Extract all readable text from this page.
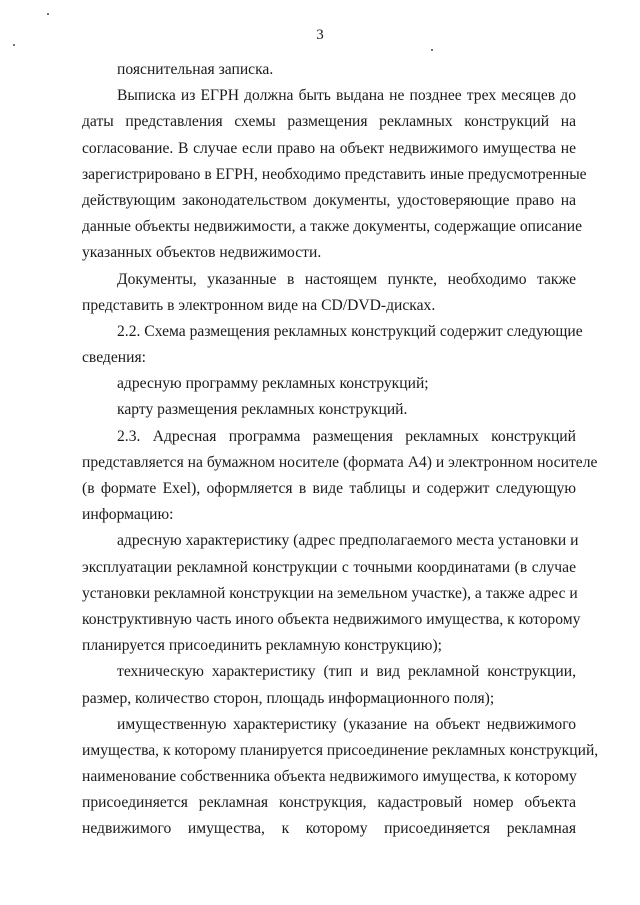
3
пояснительная записка.
Выписка из ЕГРН должна быть выдана не позднее трех месяцев до
даты представления схемы размещения рекламных конструкций на
согласование. В случае если право на объект недвижимого имущества не
зарегистрировано в ЕГРН, необходимо представить иные предусмотренные
действующим законодательством документы, удостоверяющие право на
данные объекты недвижимости, а также документы, содержащие описание
указанных объектов недвижимости.
Документы, указанные в настоящем пункте, необходимо также
представить в электронном виде на CD/DVD-дисках.
2.2. Схема размещения рекламных конструкций содержит следующие
сведения:
адресную программу рекламных конструкций;
карту размещения рекламных конструкций.
2.3. Адресная программа размещения рекламных конструкций
представляется на бумажном носителе (формата А4) и электронном носителе
(в формате Exel), оформляется в виде таблицы и содержит следующую
информацию:
адресную характеристику (адрес предполагаемого места установки и
эксплуатации рекламной конструкции с точными координатами (в случае
установки рекламной конструкции на земельном участке), а также адрес и
конструктивную часть иного объекта недвижимого имущества, к которому
планируется присоединить рекламную конструкцию);
техническую характеристику (тип и вид рекламной конструкции,
размер, количество сторон, площадь информационного поля);
имущественную характеристику (указание на объект недвижимого
имущества, к которому планируется присоединение рекламных конструкций,
наименование собственника объекта недвижимого имущества, к которому
присоединяется рекламная конструкция, кадастровый номер объекта
недвижимого имущества, к которому присоединяется рекламная
